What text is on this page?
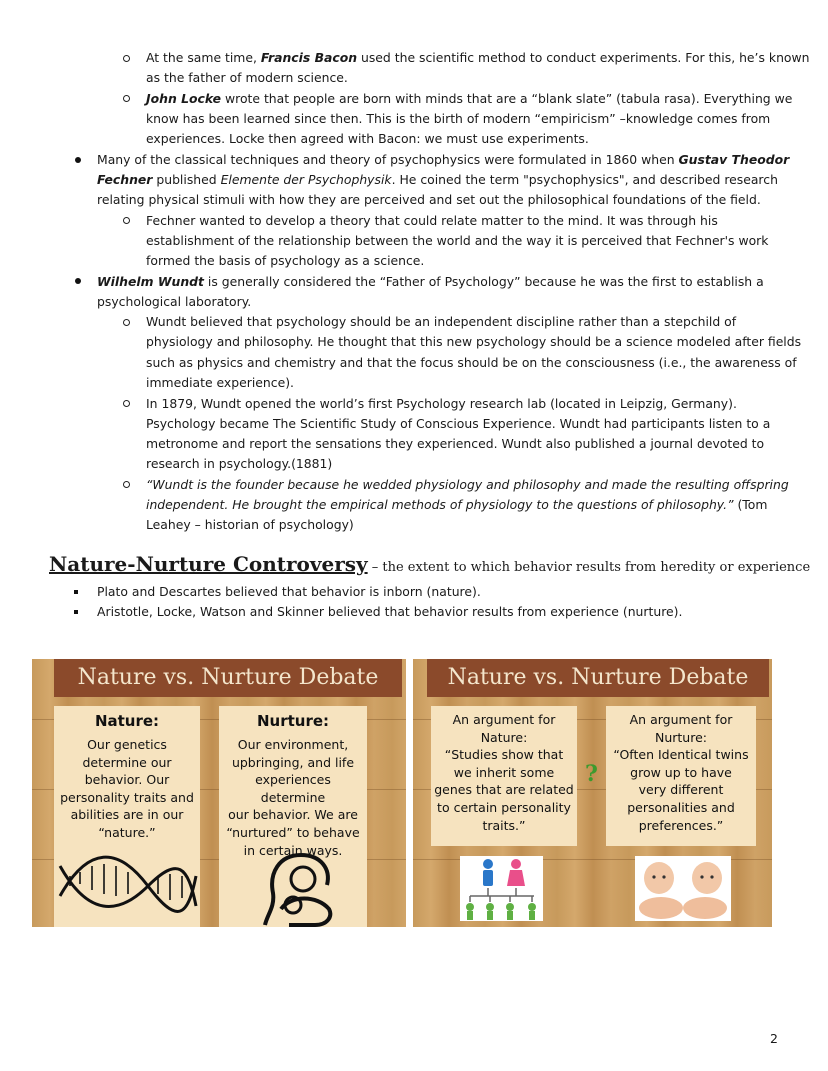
At the same time, Francis Bacon used the scientific method to conduct experiments. For this, he’s known
as the father of modern science.
John Locke wrote that people are born with minds that are a “blank slate” (tabula rasa). Everything we
know has been learned since then. This is the birth of modern “empiricism” –knowledge comes from
experiences. Locke then agreed with Bacon: we must use experiments.
Many of the classical techniques and theory of psychophysics were formulated in 1860 when Gustav Theodor
Fechner published Elemente der Psychophysik. He coined the term "psychophysics", and described research
relating physical stimuli with how they are perceived and set out the philosophical foundations of the field.
Fechner wanted to develop a theory that could relate matter to the mind. It was through his
establishment of the relationship between the world and the way it is perceived that Fechner's work
formed the basis of psychology as a science.
Wilhelm Wundt is generally considered the “Father of Psychology” because he was the first to establish a
psychological laboratory.
Wundt believed that psychology should be an independent discipline rather than a stepchild of
physiology and philosophy. He thought that this new psychology should be a science modeled after fields
such as physics and chemistry and that the focus should be on the consciousness (i.e., the awareness of
immediate experience).
In 1879, Wundt opened the world’s first Psychology research lab (located in Leipzig, Germany).
Psychology became The Scientific Study of Conscious Experience. Wundt had participants listen to a
metronome and report the sensations they experienced. Wundt also published a journal devoted to
research in psychology.(1881)
“Wundt is the founder because he wedded physiology and philosophy and made the resulting offspring
independent. He brought the empirical methods of physiology to the questions of philosophy.” (Tom
Leahey – historian of psychology)
Nature-Nurture Controversy – the extent to which behavior results from heredity or experience
Plato and Descartes believed that behavior is inborn (nature).
Aristotle, Locke, Watson and Skinner believed that behavior results from experience (nurture).
Nature vs. Nurture Debate
Nature:
Our genetics
determine our
behavior. Our
personality traits and
abilities are in our
“nature.”
Nurture:
Our environment,
upbringing, and life
experiences determine
our behavior. We are
“nurtured” to behave
in certain ways.
Nature vs. Nurture Debate
An argument for
Nature:
“Studies show that
we inherit some
genes that are related
to certain personality
traits.”
?
An argument for
Nurture:
“Often Identical twins
grow up to have
very different
personalities and
preferences.”
2
